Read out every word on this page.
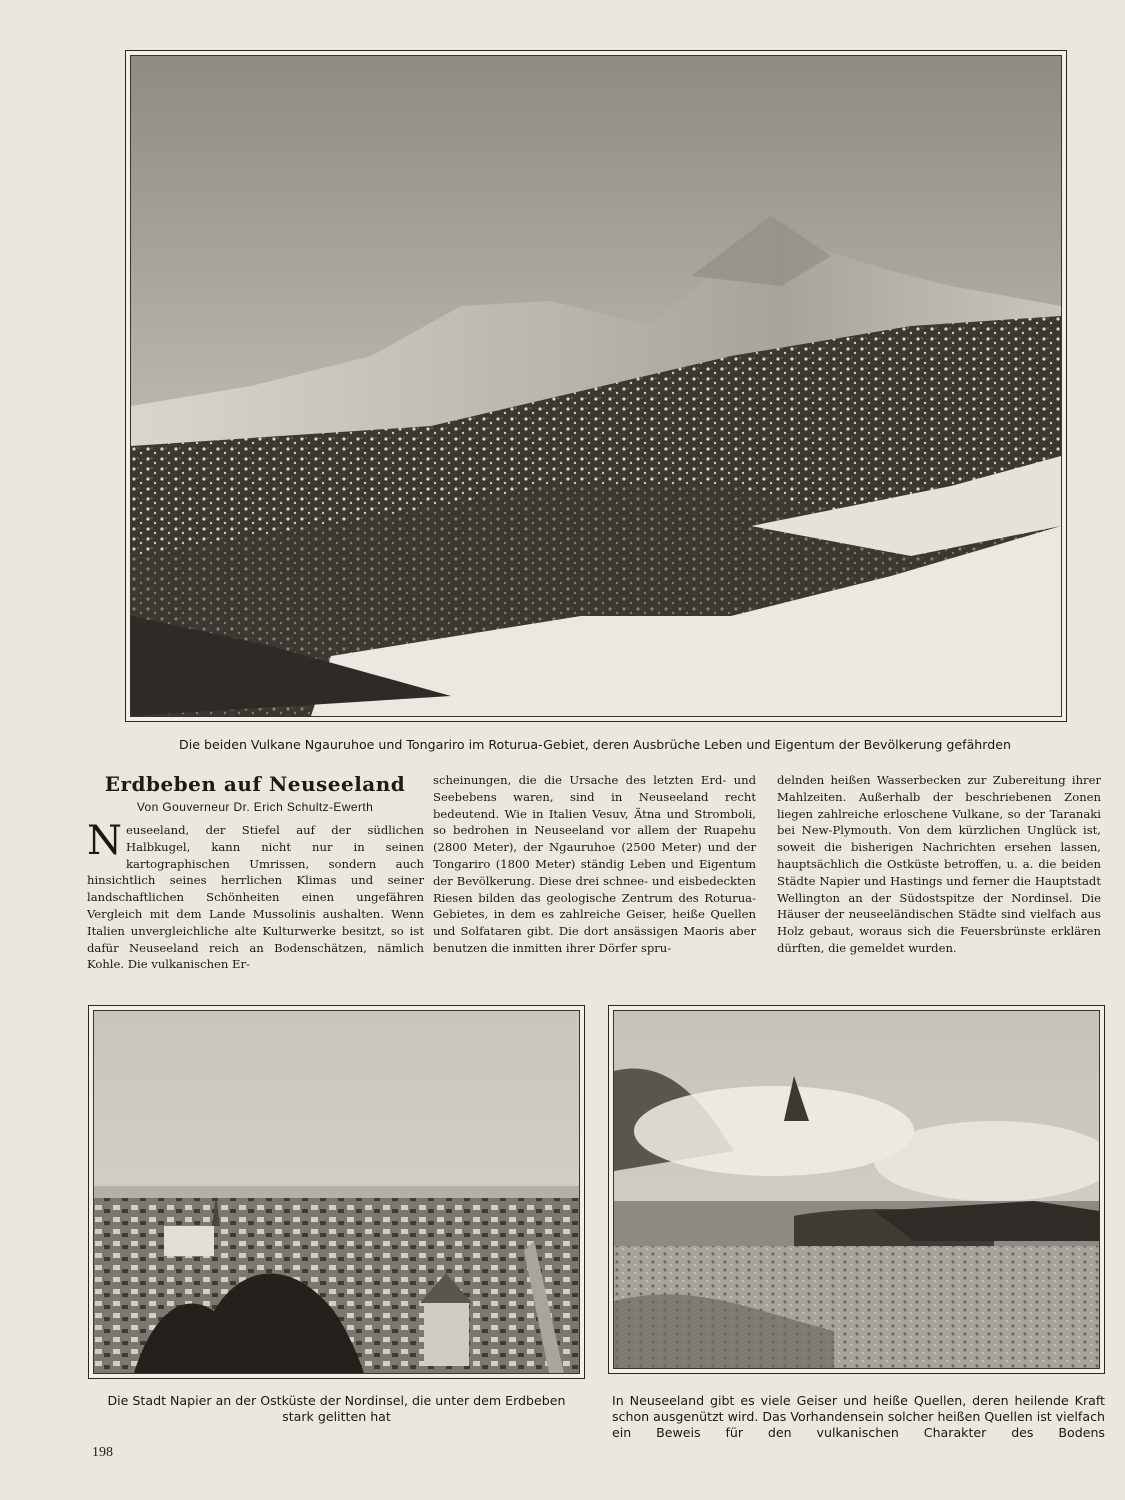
Die beiden Vulkane Ngauruhoe und Tongariro im Roturua-Gebiet, deren Ausbrüche Leben und Eigentum der Bevölkerung gefährden
Erdbeben auf Neuseeland
Von Gouverneur Dr. Erich Schultz-Ewerth
N euseeland, der Stiefel auf der südlichen Halbkugel, kann nicht nur in seinen kartographischen Umrissen, sondern auch hinsichtlich seines herrlichen Klimas und seiner landschaftlichen Schönheiten einen ungefähren Vergleich mit dem Lande Mussolinis aushalten. Wenn Italien unvergleichliche alte Kulturwerke besitzt, so ist dafür Neuseeland reich an Bodenschätzen, nämlich Kohle. Die vulkanischen Er-

scheinungen, die die Ursache des letzten Erd- und Seebebens waren, sind in Neuseeland recht bedeutend. Wie in Italien Vesuv, Ätna und Stromboli, so bedrohen in Neuseeland vor allem der Ruapehu (2800 Meter), der Ngauruhoe (2500 Meter) und der Tongariro (1800 Meter) ständig Leben und Eigentum der Bevölkerung. Diese drei schnee- und eisbedeckten Riesen bilden das geologische Zentrum des Roturua-Gebietes, in dem es zahlreiche Geiser, heiße Quellen und Solfataren gibt. Die dort ansässigen Maoris aber benutzen die inmitten ihrer Dörfer spru-

delnden heißen Wasserbecken zur Zubereitung ihrer Mahlzeiten. Außerhalb der beschriebenen Zonen liegen zahlreiche erloschene Vulkane, so der Taranaki bei New-Plymouth. Von dem kürzlichen Unglück ist, soweit die bisherigen Nachrichten ersehen lassen, hauptsächlich die Ostküste betroffen, u. a. die beiden Städte Napier und Hastings und ferner die Hauptstadt Wellington an der Südostspitze der Nordinsel. Die Häuser der neuseeländischen Städte sind vielfach aus Holz gebaut, woraus sich die Feuersbrünste erklären dürften, die gemeldet wurden.

Die Stadt Napier an der Ostküste der Nordinsel, die unter dem Erdbeben stark gelitten hat
In Neuseeland gibt es viele Geiser und heiße Quellen, deren heilende Kraft schon ausgenützt wird. Das Vorhandensein solcher heißen Quellen ist vielfach ein Beweis für den vulkanischen Charakter des Bodens
198
